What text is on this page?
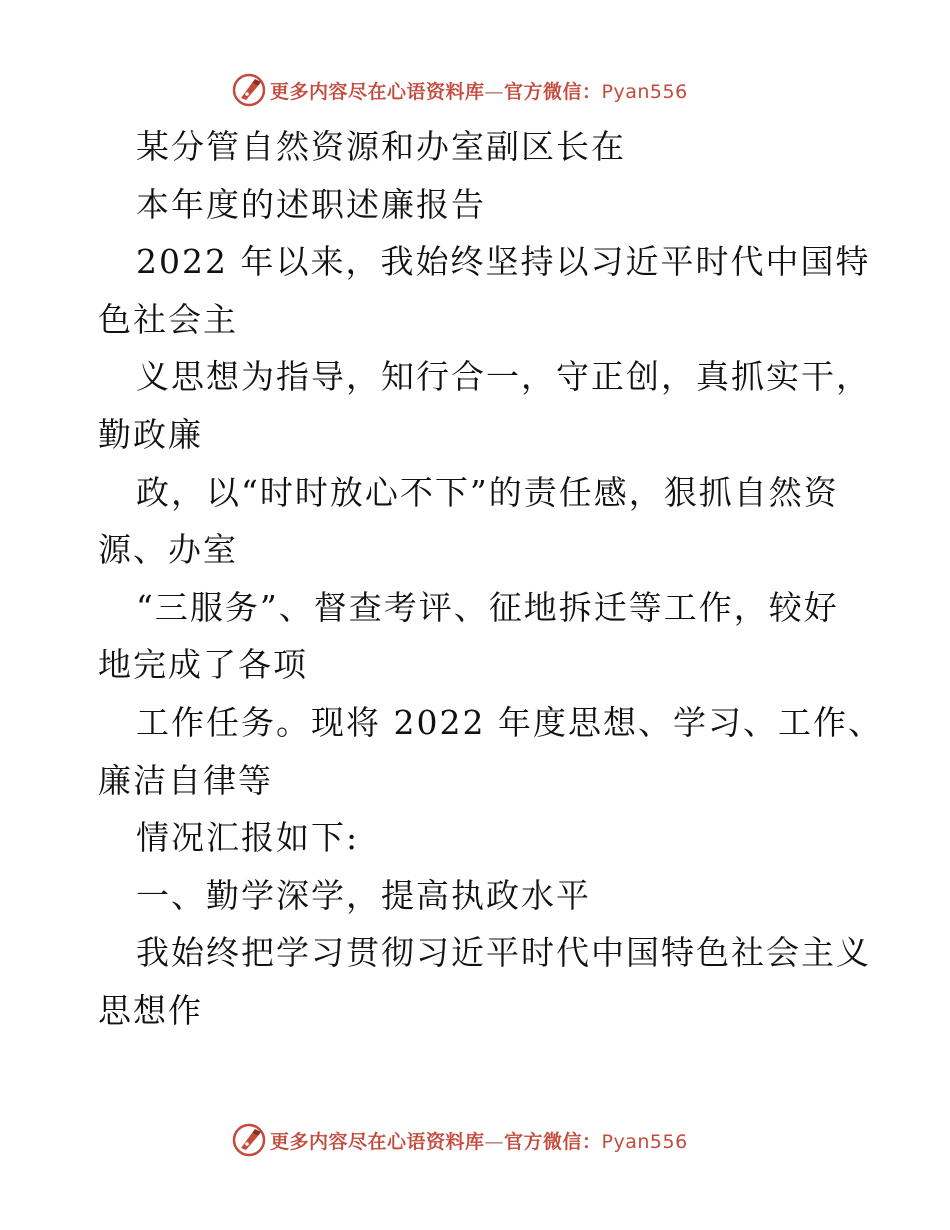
更多内容尽在心语资料库—官方微信：Pyan556
某分管自然资源和办室副区长在
本年度的述职述廉报告
2022 年以来，我始终坚持以习近平时代中国特
色社会主
义思想为指导，知行合一，守正创，真抓实干，
勤政廉
政，以“时时放心不下”的责任感，狠抓自然资
源、办室
“三服务”、督查考评、征地拆迁等工作，较好
地完成了各项
工作任务。现将 2022 年度思想、学习、工作、
廉洁自律等
情况汇报如下:
一、勤学深学，提高执政水平
我始终把学习贯彻习近平时代中国特色社会主义
思想作
更多内容尽在心语资料库—官方微信：Pyan556
